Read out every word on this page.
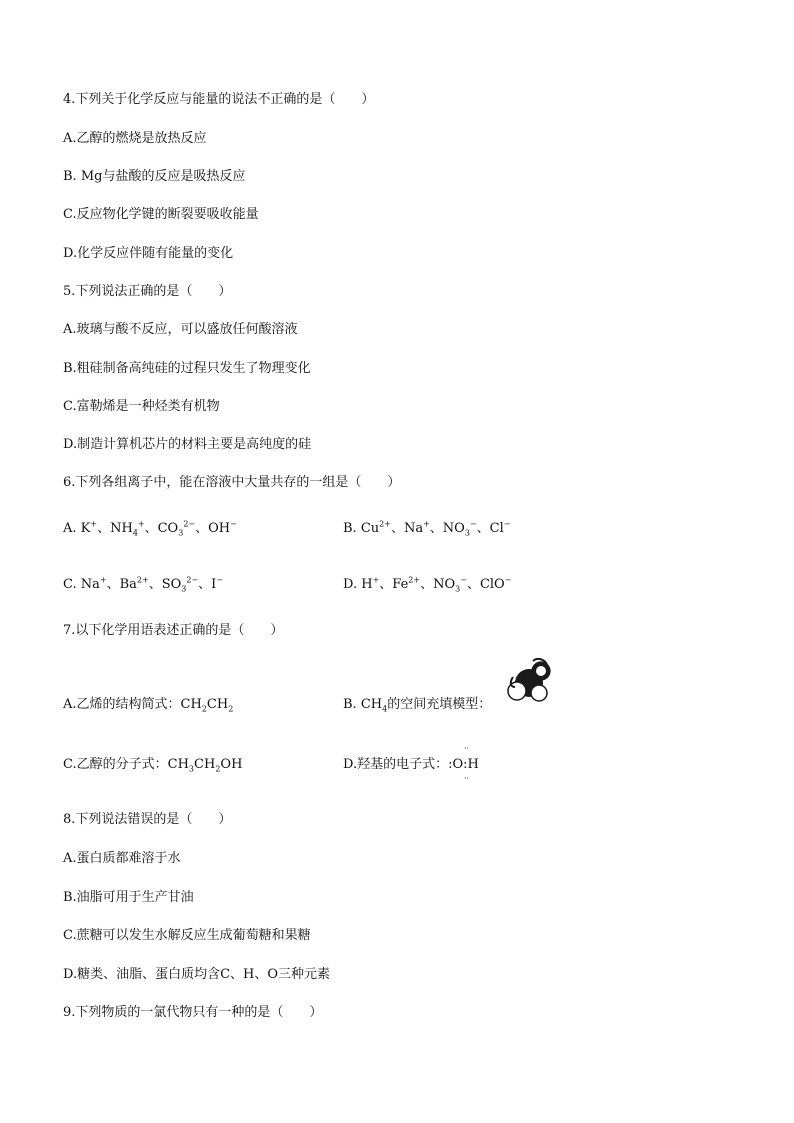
4.下列关于化学反应与能量的说法不正确的是（　　）
A.乙醇的燃烧是放热反应
B. Mg与盐酸的反应是吸热反应
C.反应物化学键的断裂要吸收能量
D.化学反应伴随有能量的变化
5.下列说法正确的是（　　）
A.玻璃与酸不反应，可以盛放任何酸溶液
B.粗硅制备高纯硅的过程只发生了物理变化
C.富勒烯是一种烃类有机物
D.制造计算机芯片的材料主要是高纯度的硅
6.下列各组离子中，能在溶液中大量共存的一组是（　　）
A. K+、$NH_4^+$、$CO_3^{2-}$、OH−	B. $Cu^{2+}$、Na+、$NO_3^-$、Cl−
C. Na+、$Ba^{2+}$、$SO_3^{2-}$、I−	D. H+、$Fe^{2+}$、$NO_3^-$、ClO−
7.以下化学用语表述正确的是（　　）
A.乙烯的结构简式：$CH_2CH_2$	B. $CH_4$的空间充填模型：
C.乙醇的分子式：$CH_3CH_2OH$	D.羟基的电子式：:O:H
··
··
8.下列说法错误的是（　　）
A.蛋白质都难溶于水
B.油脂可用于生产甘油
C.蔗糖可以发生水解反应生成葡萄糖和果糖
D.糖类、油脂、蛋白质均含C、H、O三种元素
9.下列物质的一氯代物只有一种的是（　　）
